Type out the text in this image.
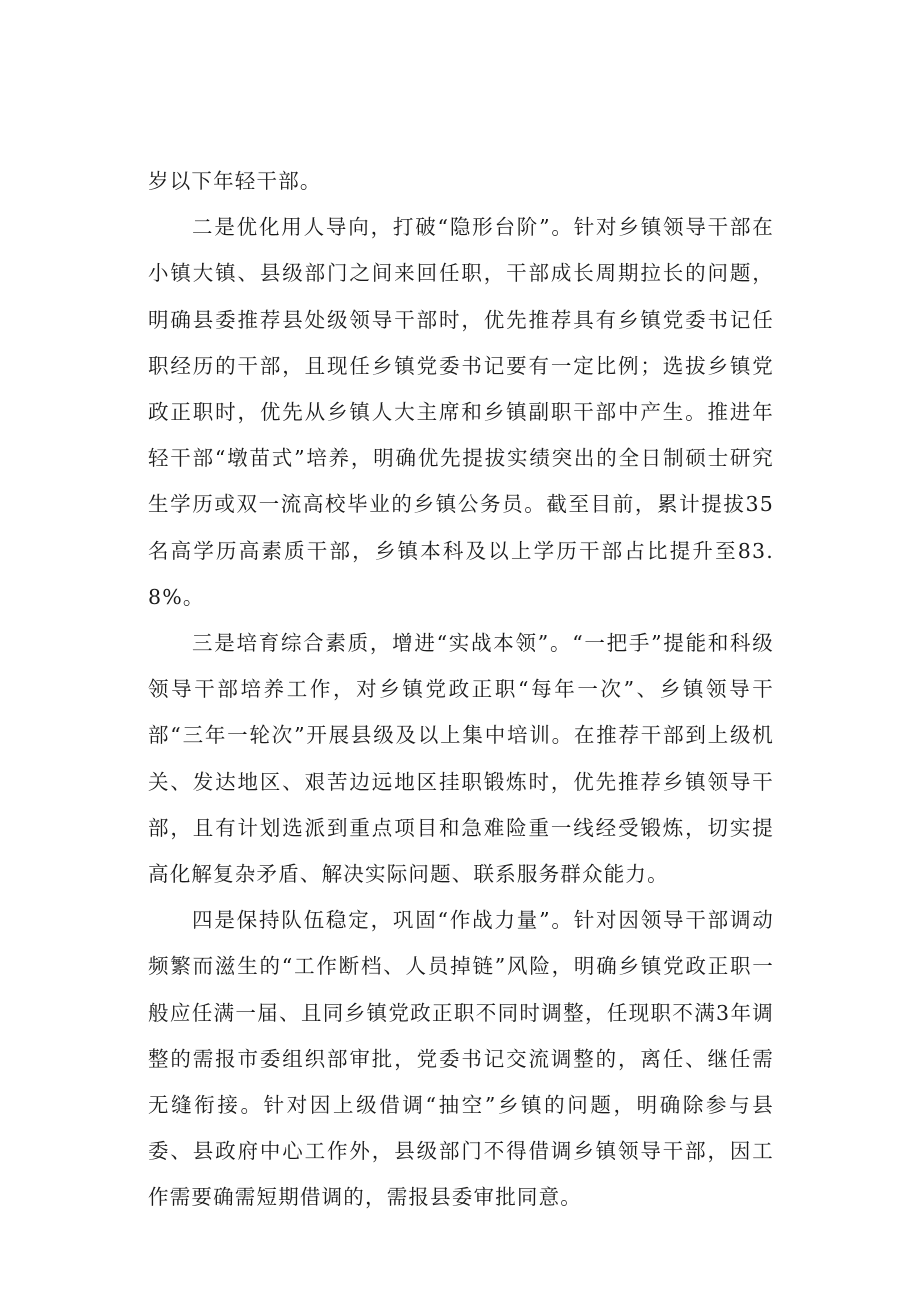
岁以下年轻干部。

二是优化用人导向，打破“隐形台阶”。针对乡镇领导干部在小镇大镇、县级部门之间来回任职，干部成长周期拉长的问题，明确县委推荐县处级领导干部时，优先推荐具有乡镇党委书记任职经历的干部，且现任乡镇党委书记要有一定比例；选拔乡镇党政正职时，优先从乡镇人大主席和乡镇副职干部中产生。推进年轻干部“墩苗式”培养，明确优先提拔实绩突出的全日制硕士研究生学历或双一流高校毕业的乡镇公务员。截至目前，累计提拔35名高学历高素质干部，乡镇本科及以上学历干部占比提升至83.8%。

三是培育综合素质，增进“实战本领”。“一把手”提能和科级领导干部培养工作，对乡镇党政正职“每年一次”、乡镇领导干部“三年一轮次”开展县级及以上集中培训。在推荐干部到上级机关、发达地区、艰苦边远地区挂职锻炼时，优先推荐乡镇领导干部，且有计划选派到重点项目和急难险重一线经受锻炼，切实提高化解复杂矛盾、解决实际问题、联系服务群众能力。

四是保持队伍稳定，巩固“作战力量”。针对因领导干部调动频繁而滋生的“工作断档、人员掉链”风险，明确乡镇党政正职一般应任满一届、且同乡镇党政正职不同时调整，任现职不满3年调整的需报市委组织部审批，党委书记交流调整的，离任、继任需无缝衔接。针对因上级借调“抽空”乡镇的问题，明确除参与县委、县政府中心工作外，县级部门不得借调乡镇领导干部，因工作需要确需短期借调的，需报县委审批同意。
